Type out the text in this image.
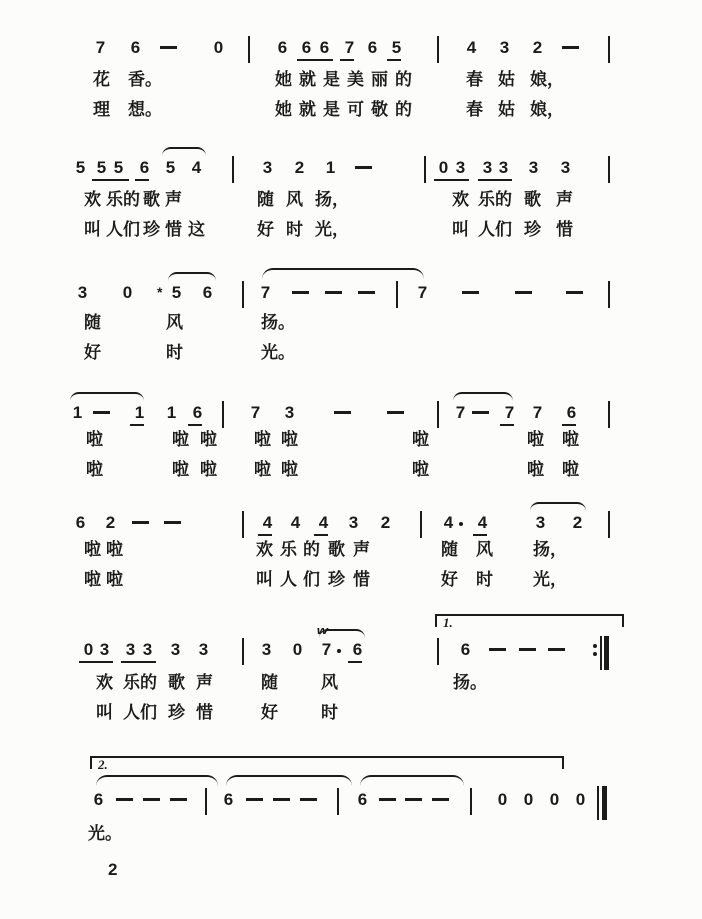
7 6	0	6 6 6 7 6 5	4 3 2
花 香。	她 就 是 美 丽 的	春 姑 娘，
理 想。	她 就 是 可 敬 的	春 姑 娘，
5 5 5 6 5 4	3 2 1	0 3 3 3 3 3
欢 乐 的 歌 声	随 风 扬，	欢 乐 的 歌 声
叫 人 们 珍 惜 这	好 时 光，	叫 人 们 珍 惜
3 0 * 5 6	7	7
随	风	扬。
好	时	光。
1	1 1 6	7 3	7 7 7 6
啦	啦 啦 啦 啦	啦	啦 啦
啦	啦 啦 啦 啦	啦	啦 啦
6 2	4 4 4 3 2	4 4	3 2
啦 啦	欢 乐 的 歌 声	随 风 扬，
啦 啦	叫 人 们 珍 惜	好 时 光，
0 3 3 3 3 3	3 0 7
w
6
1.
6
欢 乐 的 歌 声	随	风	扬。
叫 人 们 珍 惜	好	时
2.
6	6	6	0 0 0 0
光。
2
